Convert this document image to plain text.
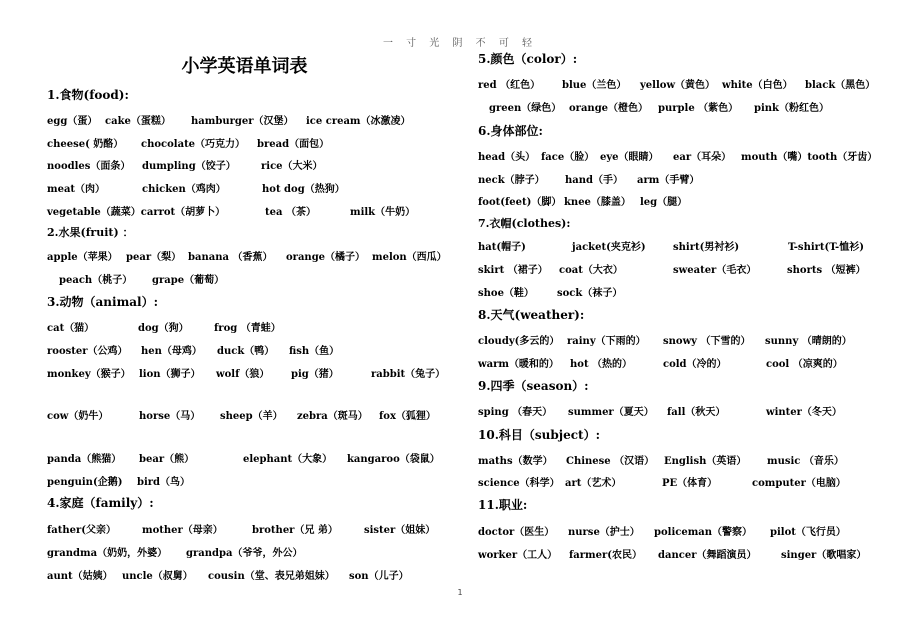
一 寸 光 阴 不 可 轻
小学英语单词表
1.食物(food):
egg（蛋） cake（蛋糕） hamburger（汉堡） ice cream（冰激凌）
cheese( 奶酪） chocolate（巧克力） bread（面包）
noodles（面条） dumpling（饺子）	rice（大米）
meat（肉）	chicken（鸡肉）	hot dog（热狗）
vegetable（蔬菜）carrot（胡萝卜）	tea （茶）	milk（牛奶）
2.水果(fruit) ：
apple（苹果） pear（梨） banana （香蕉） orange（橘子） melon（西瓜）
peach（桃子） grape（葡萄）
3.动物（animal）:
cat（猫）	dog（狗）	frog （青蛙）
rooster（公鸡） hen（母鸡） duck（鸭） fish（鱼）
monkey（猴子） lion（狮子） wolf（狼） pig（猪）	rabbit（兔子）
cow（奶牛）	horse（马） sheep（羊） zebra（斑马） fox（狐狸）
panda（熊猫） bear（熊）	elephant（大象） kangaroo（袋鼠）
penguin(企鹅) bird（鸟）
4.家庭（family）:
father(父亲）	mother（母亲）	brother（兄 弟）	sister（姐妹）
grandma（奶奶，外婆） grandpa（爷爷，外公）
aunt（姑姨） uncle（叔舅） cousin（堂、表兄弟姐妹） son（儿子）
5.颜色（color）:
red （红色） blue（兰色） yellow（黄色） white（白色） black（黑色）
green（绿色） orange（橙色） purple （紫色） pink（粉红色）
6.身体部位:
head（头） face（脸） eye（眼睛） ear（耳朵） mouth（嘴）tooth（牙齿）
neck（脖子） hand（手） arm（手臂）
foot(feet)（脚） knee（膝盖） leg（腿）
7.衣帽(clothes):
hat(帽子)	jacket(夹克衫)	shirt(男衬衫)	T-shirt(T-恤衫)
skirt （裙子） coat（大衣）	sweater（毛衣）	shorts （短裤）
shoe（鞋） sock（袜子）
8.天气(weather):
cloudy(多云的） rainy（下雨的） snowy （下雪的） sunny （晴朗的）
warm（暖和的） hot （热的）	cold（冷的）	cool （凉爽的）
9.四季（season）:
sping （春天） summer（夏天） fall（秋天）	winter（冬天）
10.科目（subject）:
maths（数学） Chinese （汉语） English（英语） music （音乐）
science（科学） art（艺术）	PE（体育）	computer（电脑）
11.职业:
doctor（医生） nurse（护士） policeman（警察） pilot（飞行员）
worker（工人） farmer(农民） dancer（舞蹈演员） singer（歌唱家）
1
